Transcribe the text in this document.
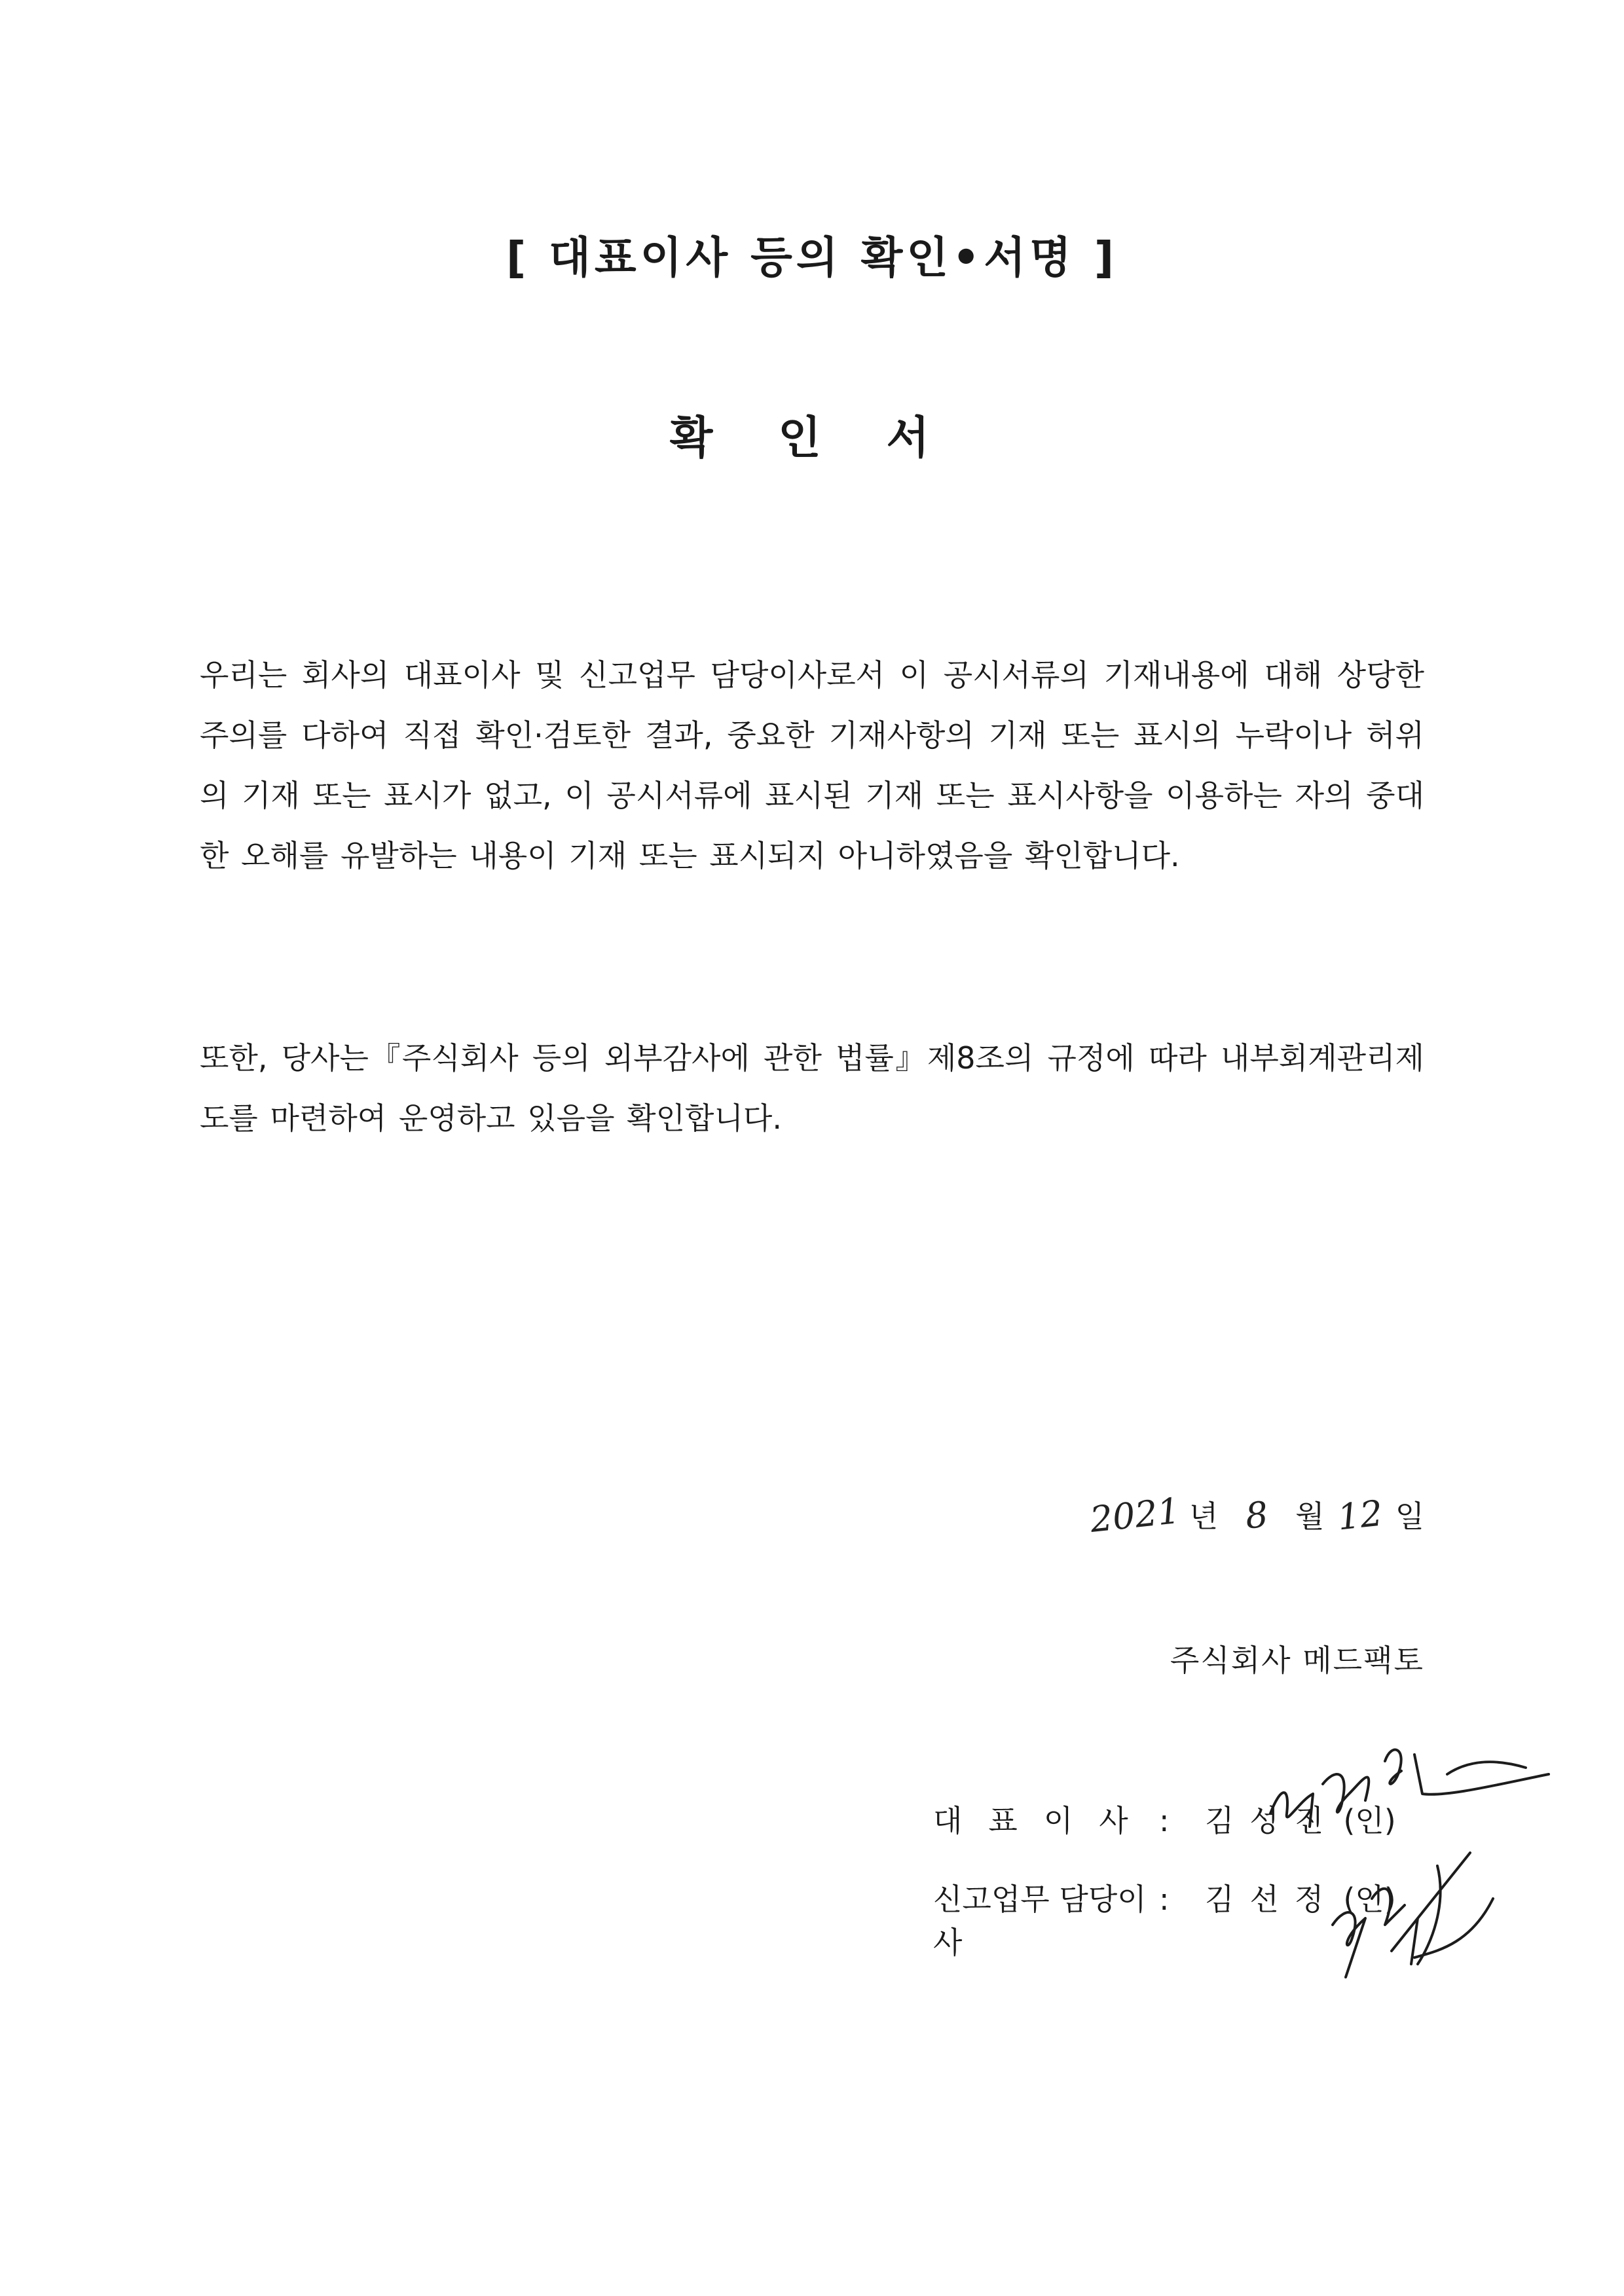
[ 대표이사 등의 확인•서명 ]
확 인 서
우리는 회사의 대표이사 및 신고업무 담당이사로서 이 공시서류의 기재내용에 대해 상당한 주의를 다하여 직접 확인·검토한 결과, 중요한 기재사항의 기재 또는 표시의 누락이나 허위의 기재 또는 표시가 없고, 이 공시서류에 표시된 기재 또는 표시사항을 이용하는 자의 중대한 오해를 유발하는 내용이 기재 또는 표시되지 아니하였음을 확인합니다.
또한, 당사는『주식회사 등의 외부감사에 관한 법률』제8조의 규정에 따라 내부회계관리제도를 마련하여 운영하고 있음을 확인합니다.
2021 년 8 월 12 일
주식회사 메드팩토
대표이사 :	김성진 (인)
신고업무 담당이사
:	김선정 (인)
